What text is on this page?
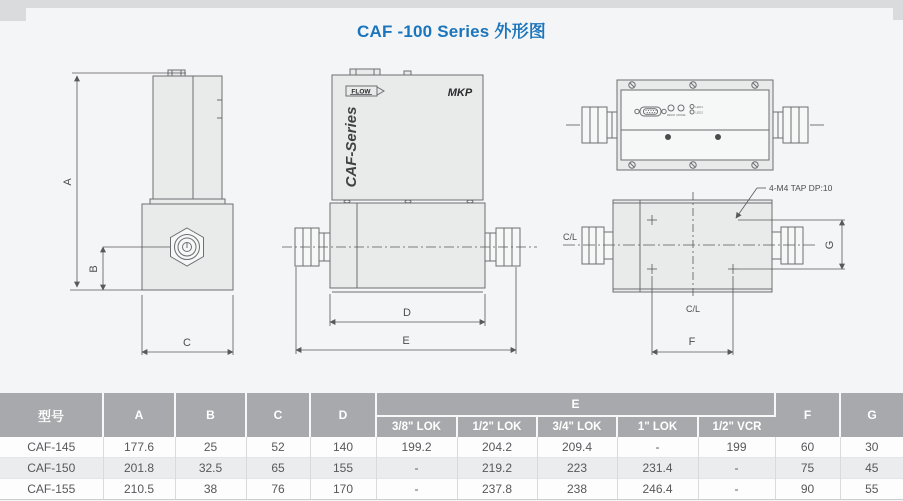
CAF -100 Series 外形图
A
B
C
FLOW	MKP
CAF-Series
D
E
ZERO MODE
LED1
LED2
C/L
C/L
4-M4 TAP DP:10
F
G
型号	A	B	C	D	E					F	G
					3/8" LOK	1/2" LOK	3/4" LOK	1" LOK	1/2" VCR		
CAF-145	177.6	25	52	140	199.2	204.2	209.4	-	199	60	30
CAF-150	201.8	32.5	65	155	-	219.2	223	231.4	-	75	45
CAF-155	210.5	38	76	170	-	237.8	238	246.4	-	90	55
